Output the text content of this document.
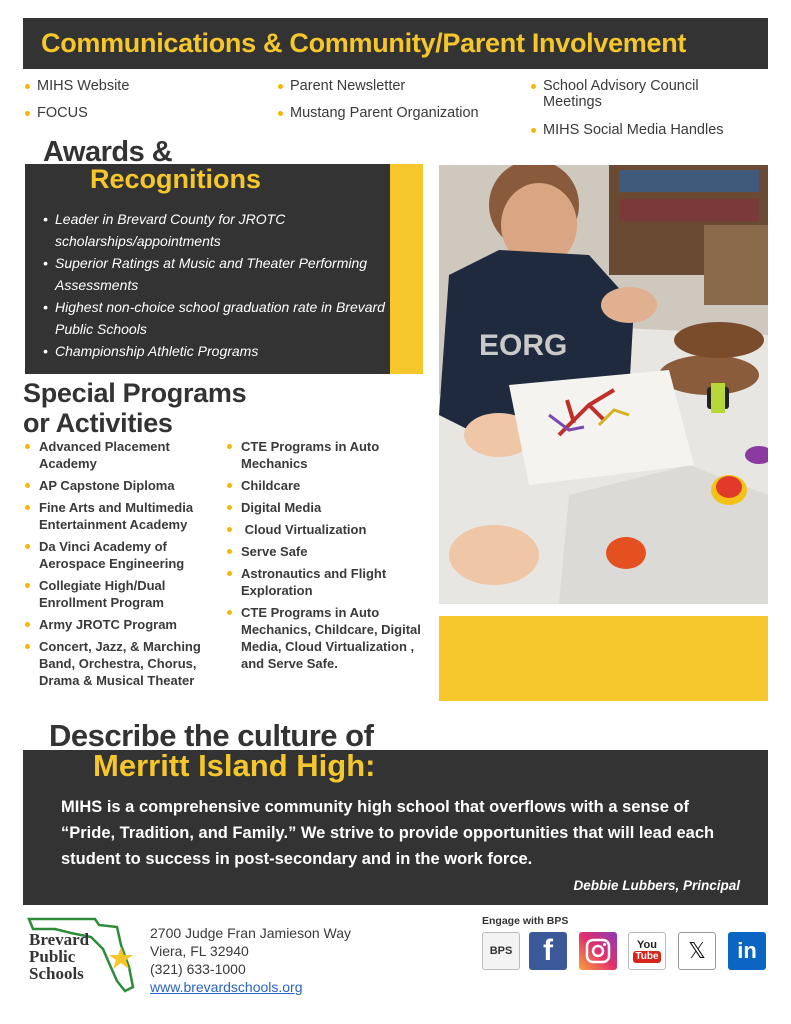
Communications & Community/Parent Involvement
MIHS Website
FOCUS
Parent Newsletter
Mustang Parent Organization
School Advisory Council Meetings
MIHS Social Media Handles
Recognitions
• Leader in Brevard County for JROTC scholarships/appointments
• Superior Ratings at Music and Theater Performing Assessments
• Highest non-choice school graduation rate in Brevard Public Schools
• Championship Athletic Programs
Awards &
EORG
Special Programs
or Activities
Advanced Placement Academy
AP Capstone Diploma
Fine Arts and Multimedia Entertainment Academy
Da Vinci Academy of Aerospace Engineering
Collegiate High/Dual Enrollment Program
Army JROTC Program
Concert, Jazz, & Marching Band, Orchestra, Chorus, Drama & Musical Theater
CTE Programs in Auto Mechanics
Childcare
Digital Media
Cloud Virtualization
Serve Safe
Astronautics and Flight Exploration
CTE Programs in Auto Mechanics, Childcare, Digital Media, Cloud Virtualization , and Serve Safe.
Merritt Island High:
MIHS is a comprehensive community high school that overflows with a sense of “Pride, Tradition, and Family.” We strive to provide opportunities that will lead each student to success in post-secondary and in the work force.
Debbie Lubbers, Principal
Describe the culture of
Brevard
Public
Schools
2700 Judge Fran Jamieson Way
Viera, FL 32940
(321) 633-1000
www.brevardschools.org
Engage with BPS
BPS f	You
Tube 𝕏 in
